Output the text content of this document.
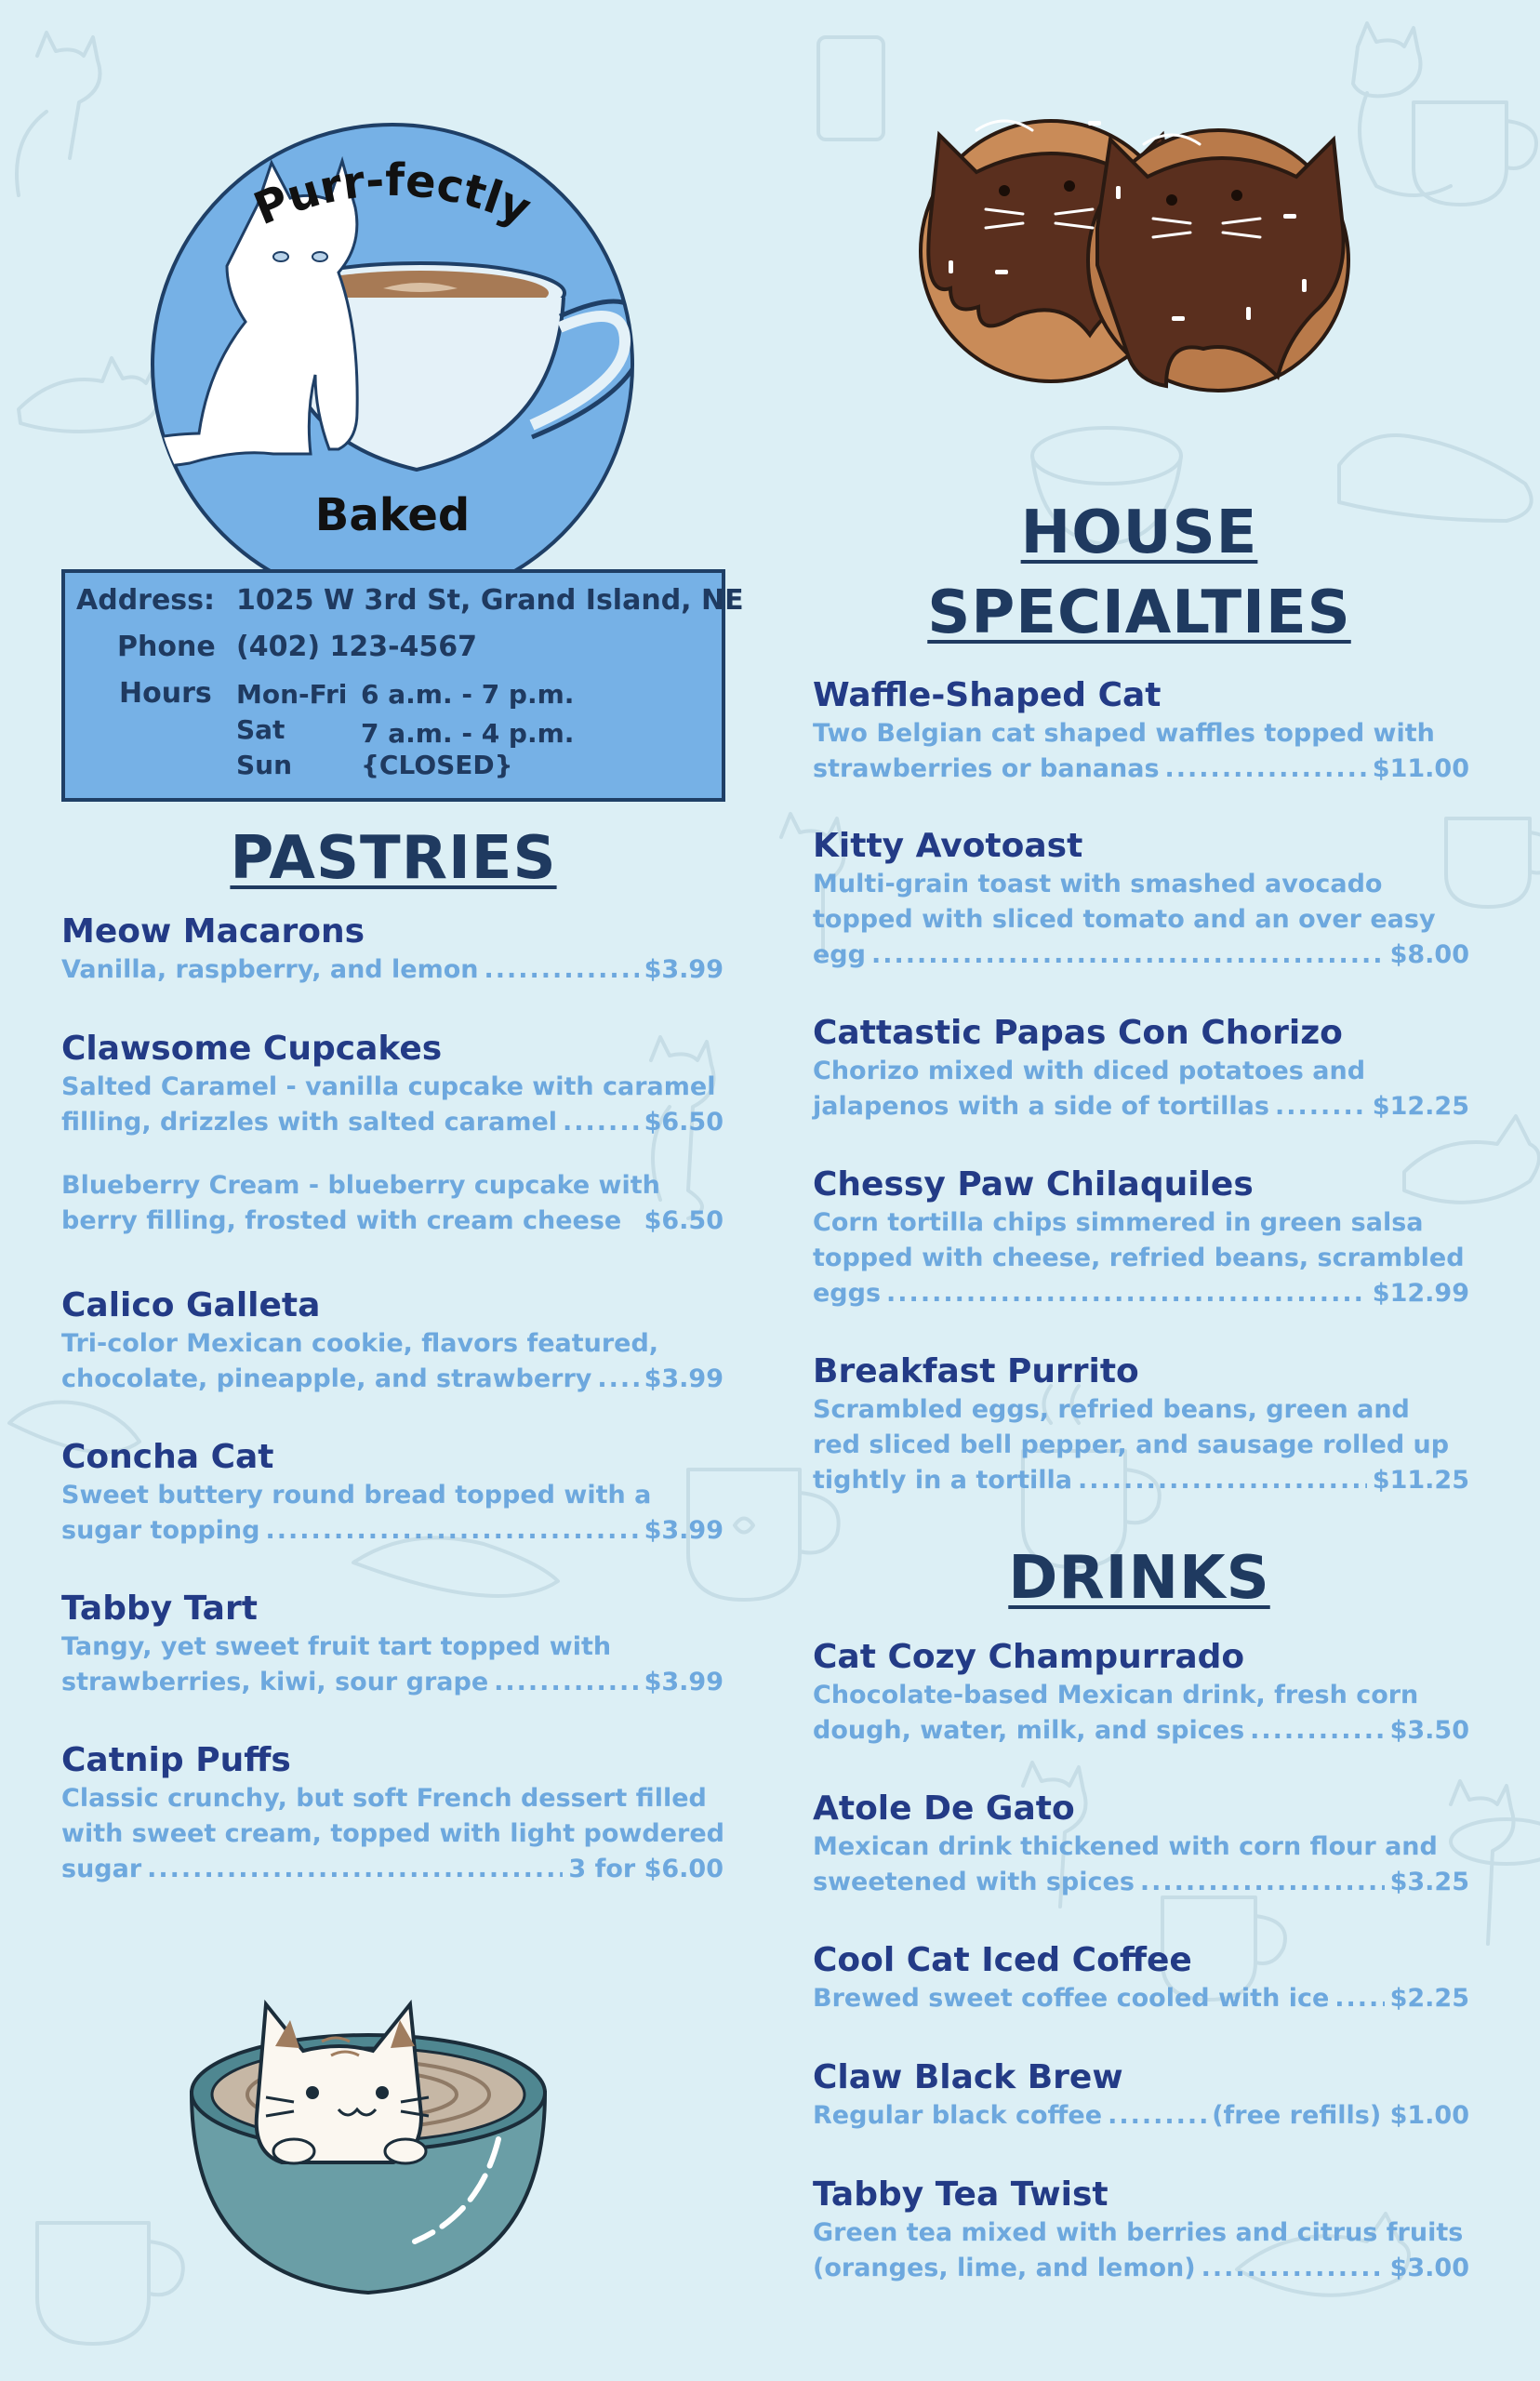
Purr-fectly
Baked
Address: 1025 W 3rd St, Grand Island, NE
Phone (402) 123-4567
Hours Mon-Fri 6 a.m. - 7 p.m.
Sat	7 a.m. - 4 p.m.
Sun	{CLOSED}
PASTRIES
Meow Macarons
Vanilla, raspberry, and lemon .....	$3.99
Clawsome Cupcakes
Salted Caramel - vanilla cupcake with caramel
filling, drizzles with salted caramel .....	$6.50
Blueberry Cream - blueberry cupcake with
berry filling, frosted with cream cheese $6.50
Calico Galleta
Tri-color Mexican cookie, flavors featured,
chocolate, pineapple, and strawberry ..... $3.99
Concha Cat
Sweet buttery round bread topped with a
sugar topping .....	$3.99
Tabby Tart
Tangy, yet sweet fruit tart topped with
strawberries, kiwi, sour grape .....	$3.99
Catnip Puffs
Classic crunchy, but soft French dessert filled
with sweet cream, topped with light powdered
sugar .....	3 for $6.00
HOUSE
SPECIALTIES
Waffle-Shaped Cat
Two Belgian cat shaped waffles topped with
strawberries or bananas .....	$11.00
Kitty Avotoast
Multi-grain toast with smashed avocado
topped with sliced tomato and an over easy
egg .....	$8.00
Cattastic Papas Con Chorizo
Chorizo mixed with diced potatoes and
jalapenos with a side of tortillas .....	$12.25
Chessy Paw Chilaquiles
Corn tortilla chips simmered in green salsa
topped with cheese, refried beans, scrambled
eggs .....	$12.99
Breakfast Purrito
Scrambled eggs, refried beans, green and
red sliced bell pepper, and sausage rolled up
tightly in a tortilla .....	$11.25
DRINKS
Cat Cozy Champurrado
Chocolate-based Mexican drink, fresh corn
dough, water, milk, and spices .....	$3.50
Atole De Gato
Mexican drink thickened with corn flour and
sweetened with spices .....	$3.25
Cool Cat Iced Coffee
Brewed sweet coffee cooled with ice ..... $2.25
Claw Black Brew
Regular black coffee .....	(free refills) $1.00
Tabby Tea Twist
Green tea mixed with berries and citrus fruits
(oranges, lime, and lemon) .....	$3.00
